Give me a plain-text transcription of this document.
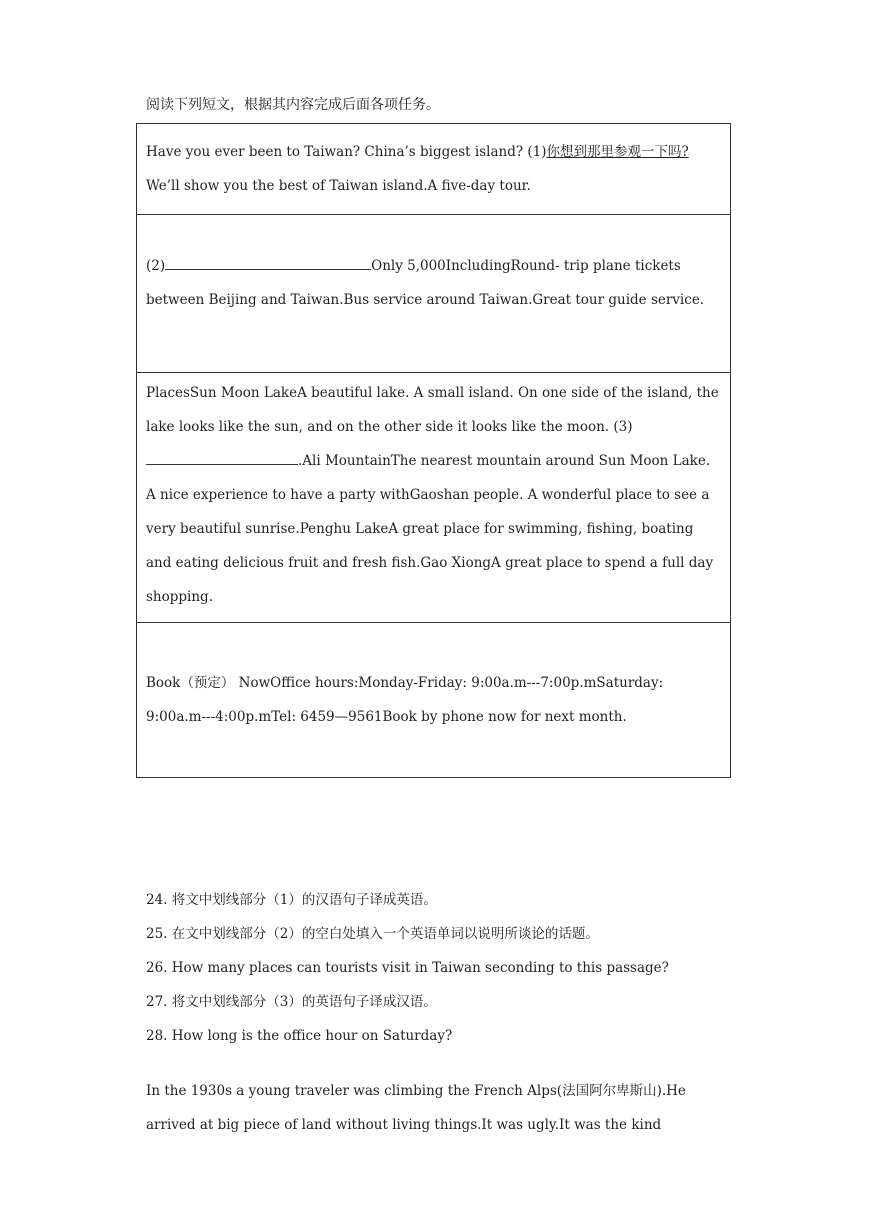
阅读下列短文，根据其内容完成后面各项任务。
Have you ever been to Taiwan? China’s biggest island? (1)你想到那里参观一下吗? We’ll show you the best of Taiwan island.A five-day tour.
(2)	Only 5,000IncludingRound- trip plane tickets between Beijing and Taiwan.Bus service around Taiwan.Great tour guide service.
PlacesSun Moon LakeA beautiful lake. A small island. On one side of the island, the lake looks like the sun, and on the other side it looks like the moon. (3).Ali MountainThe nearest mountain around Sun Moon Lake. A nice experience to have a party withGaoshan people. A wonderful place to see a very beautiful sunrise.Penghu LakeA great place for swimming, fishing, boating and eating delicious fruit and fresh fish.Gao XiongA great place to spend a full day shopping.
Book（预定） NowOffice hours:Monday-Friday: 9:00a.m---7:00p.mSaturday: 9:00a.m---4:00p.mTel: 6459—9561Book by phone now for next month.
24. 将文中划线部分（1）的汉语句子译成英语。
25. 在文中划线部分（2）的空白处填入一个英语单词以说明所谈论的话题。
26. How many places can tourists visit in Taiwan seconding to this passage?
27. 将文中划线部分（3）的英语句子译成汉语。
28. How long is the office hour on Saturday?
In the 1930s a young traveler was climbing the French Alps(法国阿尔卑斯山).He arrived at big piece of land without living things.It was ugly.It was the kind
